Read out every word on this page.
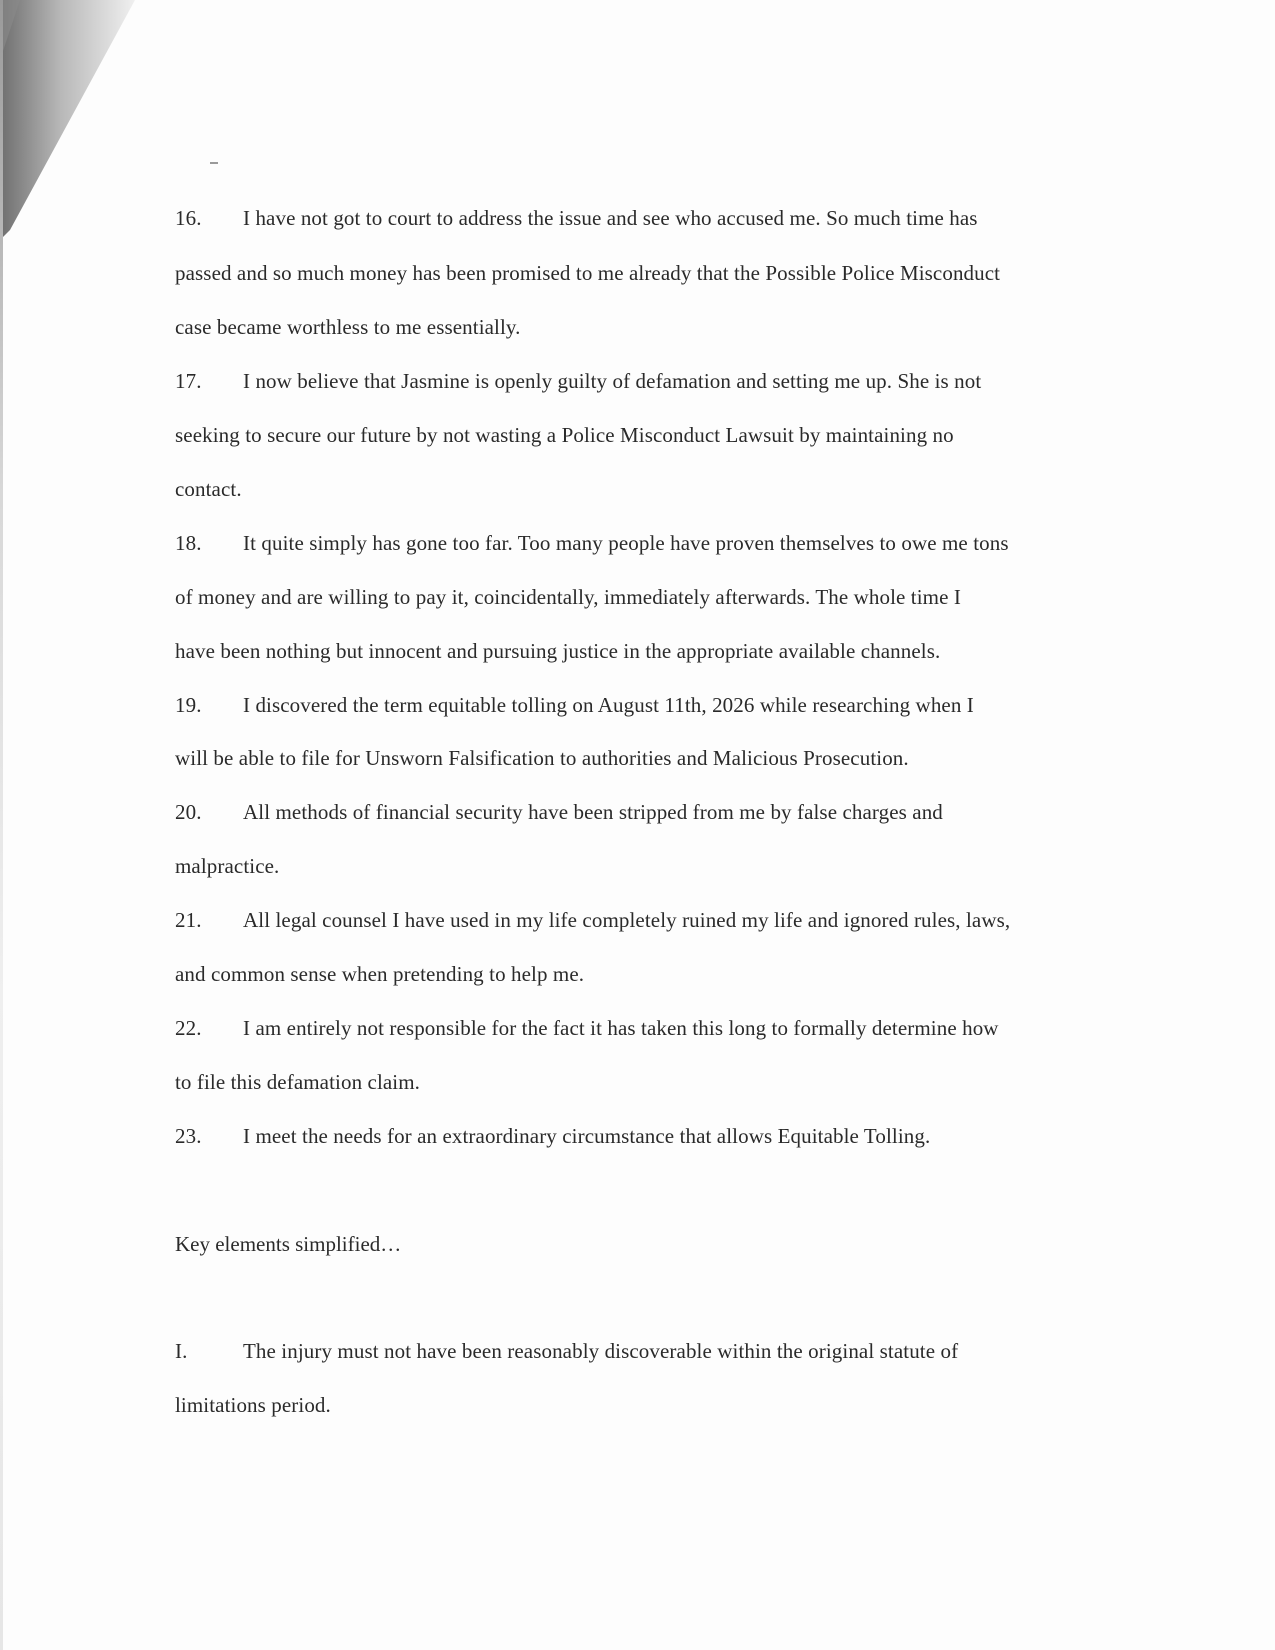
16. I have not got to court to address the issue and see who accused me. So much time has
passed and so much money has been promised to me already that the Possible Police Misconduct
case became worthless to me essentially.
17. I now believe that Jasmine is openly guilty of defamation and setting me up. She is not
seeking to secure our future by not wasting a Police Misconduct Lawsuit by maintaining no
contact.
18. It quite simply has gone too far. Too many people have proven themselves to owe me tons
of money and are willing to pay it, coincidentally, immediately afterwards. The whole time I
have been nothing but innocent and pursuing justice in the appropriate available channels.
19. I discovered the term equitable tolling on August 11th, 2026 while researching when I
will be able to file for Unsworn Falsification to authorities and Malicious Prosecution.
20. All methods of financial security have been stripped from me by false charges and
malpractice.
21. All legal counsel I have used in my life completely ruined my life and ignored rules, laws,
and common sense when pretending to help me.
22. I am entirely not responsible for the fact it has taken this long to formally determine how
to file this defamation claim.
23. I meet the needs for an extraordinary circumstance that allows Equitable Tolling.
Key elements simplified…
I.	The injury must not have been reasonably discoverable within the original statute of
limitations period.
